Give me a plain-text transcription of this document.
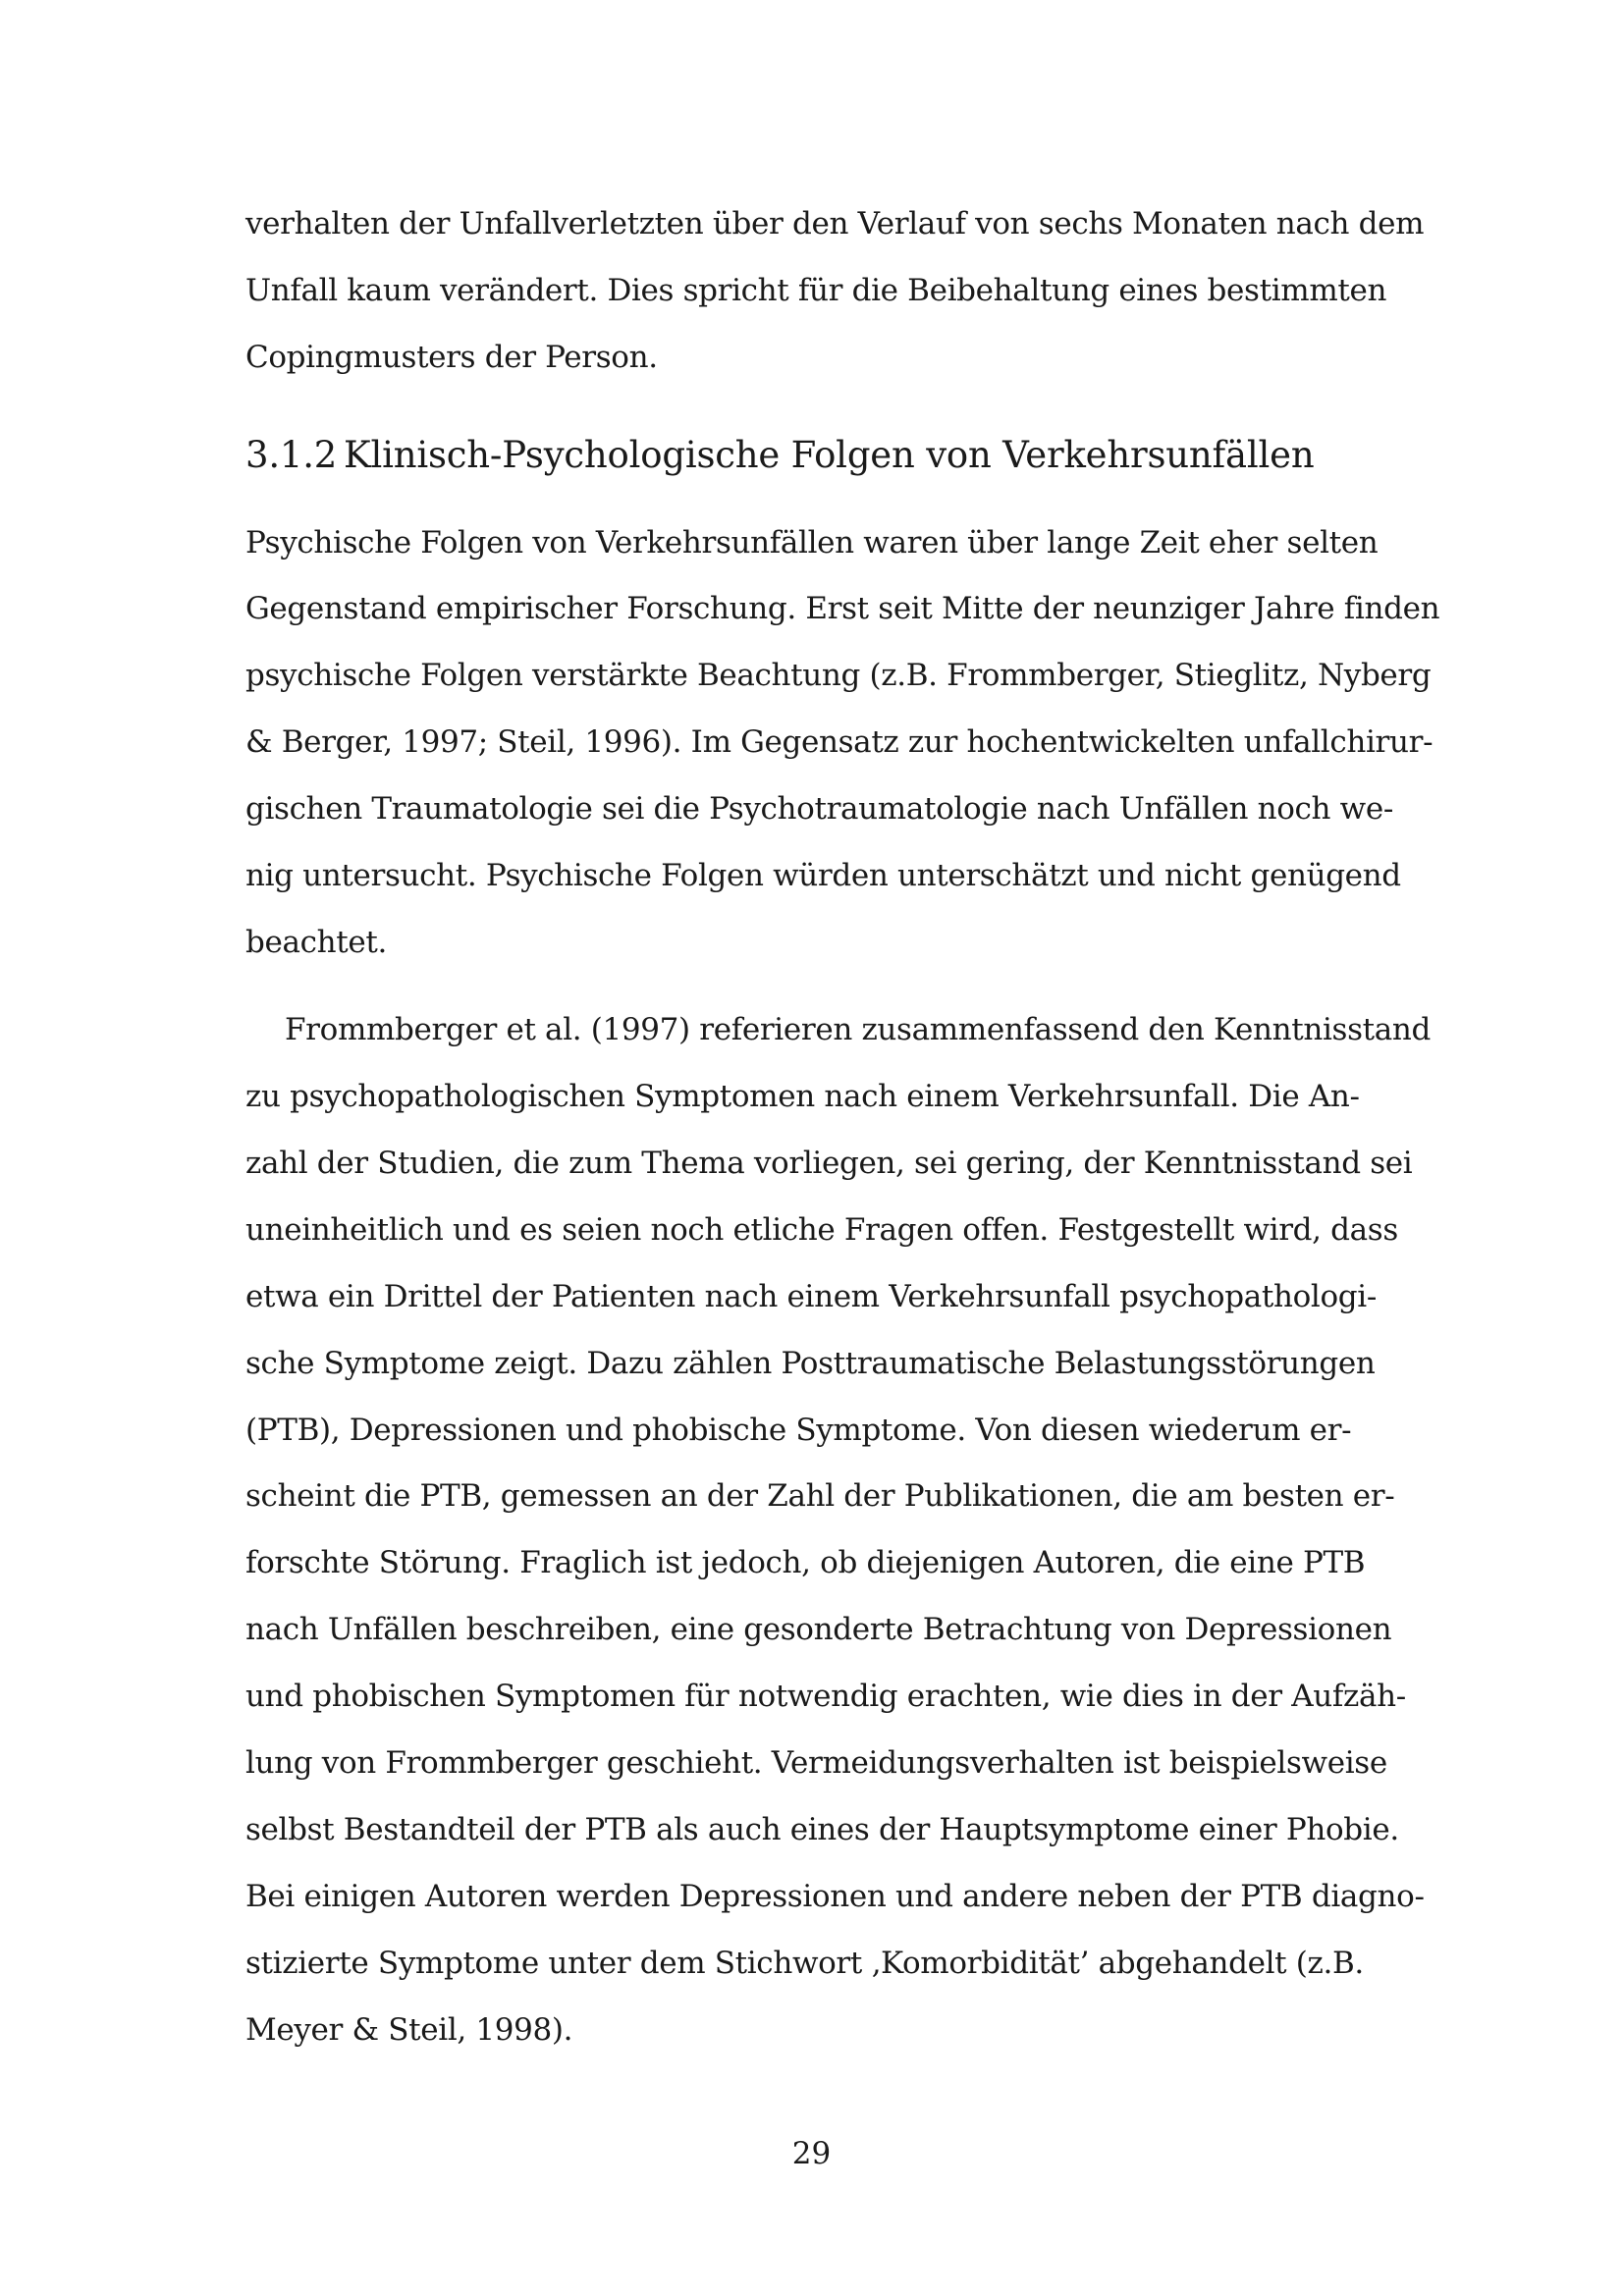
verhalten der Unfallverletzten über den Verlauf von sechs Monaten nach dem
Unfall kaum verändert. Dies spricht für die Beibehaltung eines bestimmten
Copingmusters der Person.
3.1.2 Klinisch-Psychologische Folgen von Verkehrsunfällen
Psychische Folgen von Verkehrsunfällen waren über lange Zeit eher selten
Gegenstand empirischer Forschung. Erst seit Mitte der neunziger Jahre finden
psychische Folgen verstärkte Beachtung (z.B. Frommberger, Stieglitz, Nyberg
& Berger, 1997; Steil, 1996). Im Gegensatz zur hochentwickelten unfallchirur-
gischen Traumatologie sei die Psychotraumatologie nach Unfällen noch we-
nig untersucht. Psychische Folgen würden unterschätzt und nicht genügend
beachtet.
Frommberger et al. (1997) referieren zusammenfassend den Kenntnisstand
zu psychopathologischen Symptomen nach einem Verkehrsunfall. Die An-
zahl der Studien, die zum Thema vorliegen, sei gering, der Kenntnisstand sei
uneinheitlich und es seien noch etliche Fragen offen. Festgestellt wird, dass
etwa ein Drittel der Patienten nach einem Verkehrsunfall psychopathologi-
sche Symptome zeigt. Dazu zählen Posttraumatische Belastungsstörungen
(PTB), Depressionen und phobische Symptome. Von diesen wiederum er-
scheint die PTB, gemessen an der Zahl der Publikationen, die am besten er-
forschte Störung. Fraglich ist jedoch, ob diejenigen Autoren, die eine PTB
nach Unfällen beschreiben, eine gesonderte Betrachtung von Depressionen
und phobischen Symptomen für notwendig erachten, wie dies in der Aufzäh-
lung von Frommberger geschieht. Vermeidungsverhalten ist beispielsweise
selbst Bestandteil der PTB als auch eines der Hauptsymptome einer Phobie.
Bei einigen Autoren werden Depressionen und andere neben der PTB diagno-
stizierte Symptome unter dem Stichwort ‚Komorbidität’ abgehandelt (z.B.
Meyer & Steil, 1998).
29
